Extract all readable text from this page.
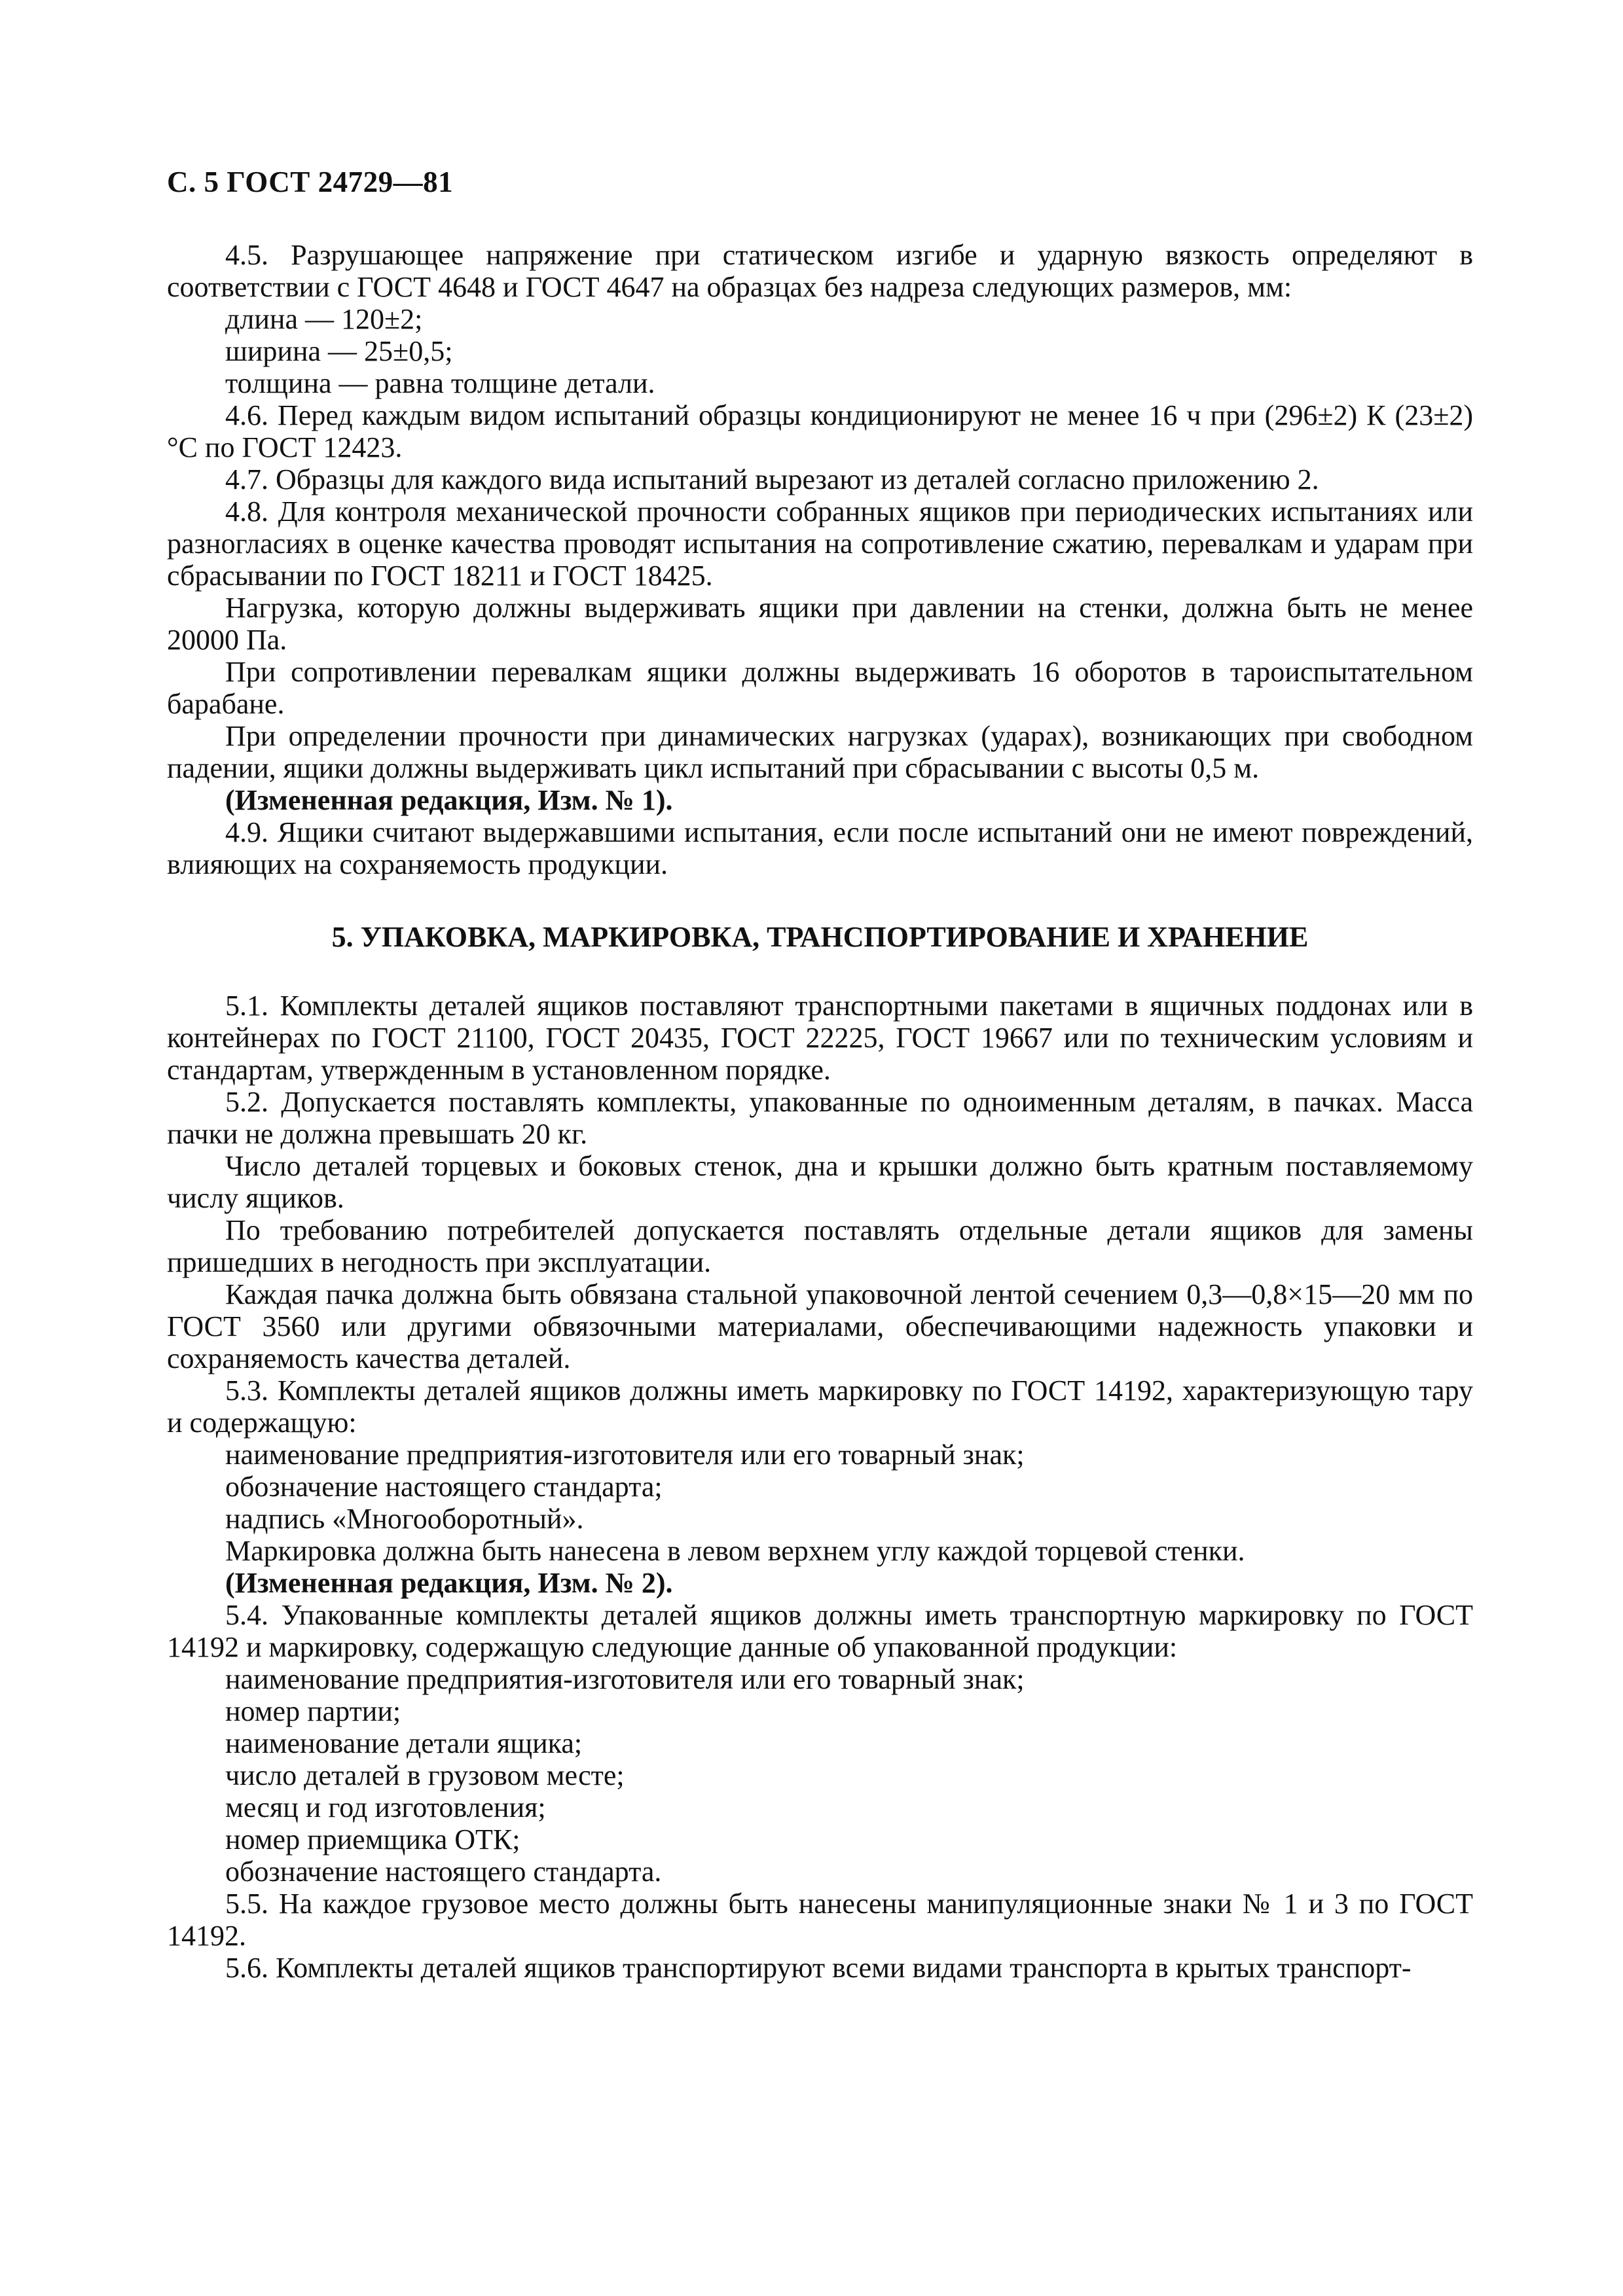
С. 5 ГОСТ 24729—81

4.5. Разрушающее напряжение при статическом изгибе и ударную вязкость определяют в соответствии с ГОСТ 4648 и ГОСТ 4647 на образцах без надреза следующих размеров, мм:

длина — 120±2;

ширина — 25±0,5;

толщина — равна толщине детали.

4.6. Перед каждым видом испытаний образцы кондиционируют не менее 16 ч при (296±2) К (23±2) °С по ГОСТ 12423.

4.7. Образцы для каждого вида испытаний вырезают из деталей согласно приложению 2.

4.8. Для контроля механической прочности собранных ящиков при периодических испытаниях или разногласиях в оценке качества проводят испытания на сопротивление сжатию, перевалкам и ударам при сбрасывании по ГОСТ 18211 и ГОСТ 18425.

Нагрузка, которую должны выдерживать ящики при давлении на стенки, должна быть не менее 20000 Па.

При сопротивлении перевалкам ящики должны выдерживать 16 оборотов в тароиспытательном барабане.

При определении прочности при динамических нагрузках (ударах), возникающих при свободном падении, ящики должны выдерживать цикл испытаний при сбрасывании с высоты 0,5 м.

(Измененная редакция, Изм. № 1).

4.9. Ящики считают выдержавшими испытания, если после испытаний они не имеют повреждений, влияющих на сохраняемость продукции.

5. УПАКОВКА, МАРКИРОВКА, ТРАНСПОРТИРОВАНИЕ И ХРАНЕНИЕ

5.1. Комплекты деталей ящиков поставляют транспортными пакетами в ящичных поддонах или в контейнерах по ГОСТ 21100, ГОСТ 20435, ГОСТ 22225, ГОСТ 19667 или по техническим условиям и стандартам, утвержденным в установленном порядке.

5.2. Допускается поставлять комплекты, упакованные по одноименным деталям, в пачках. Масса пачки не должна превышать 20 кг.

Число деталей торцевых и боковых стенок, дна и крышки должно быть кратным поставляемому числу ящиков.

По требованию потребителей допускается поставлять отдельные детали ящиков для замены пришедших в негодность при эксплуатации.

Каждая пачка должна быть обвязана стальной упаковочной лентой сечением 0,3—0,8×15—20 мм по ГОСТ 3560 или другими обвязочными материалами, обеспечивающими надежность упаковки и сохраняемость качества деталей.

5.3. Комплекты деталей ящиков должны иметь маркировку по ГОСТ 14192, характеризующую тару и содержащую:

наименование предприятия-изготовителя или его товарный знак;

обозначение настоящего стандарта;

надпись «Многооборотный».

Маркировка должна быть нанесена в левом верхнем углу каждой торцевой стенки.

(Измененная редакция, Изм. № 2).

5.4. Упакованные комплекты деталей ящиков должны иметь транспортную маркировку по ГОСТ 14192 и маркировку, содержащую следующие данные об упакованной продукции:

наименование предприятия-изготовителя или его товарный знак;

номер партии;

наименование детали ящика;

число деталей в грузовом месте;

месяц и год изготовления;

номер приемщика ОТК;

обозначение настоящего стандарта.

5.5. На каждое грузовое место должны быть нанесены манипуляционные знаки № 1 и 3 по ГОСТ 14192.

5.6. Комплекты деталей ящиков транспортируют всеми видами транспорта в крытых транспорт-
